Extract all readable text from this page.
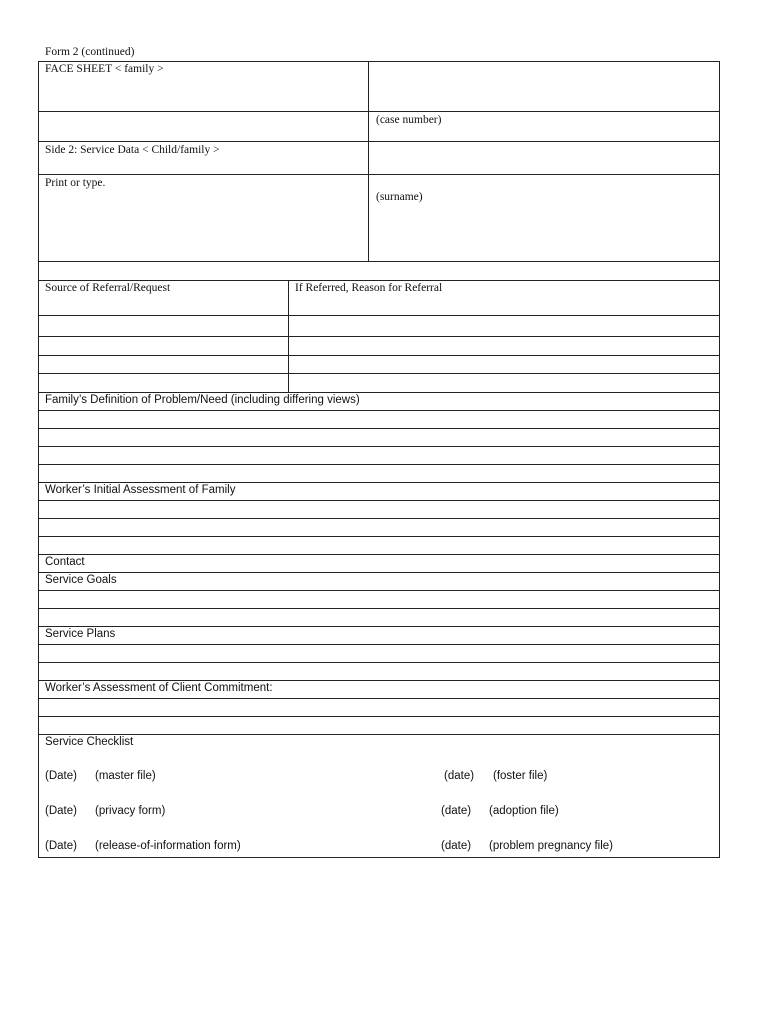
Form 2 (continued)
FACE SHEET < family >
(case number)
Side 2: Service Data < Child/family >
Print or type.
(surname)
Source of Referral/Request	If Referred, Reason for Referral
Family’s Definition of Problem/Need (including differing views)
Worker’s Initial Assessment of Family
Contact
Service Goals
Service Plans
Worker’s Assessment of Client Commitment:
Service Checklist
(Date) (master file)	(date) (foster file)
(Date) (privacy form)	(date) (adoption file)
(Date) (release-of-information form)	(date) (problem pregnancy file)
